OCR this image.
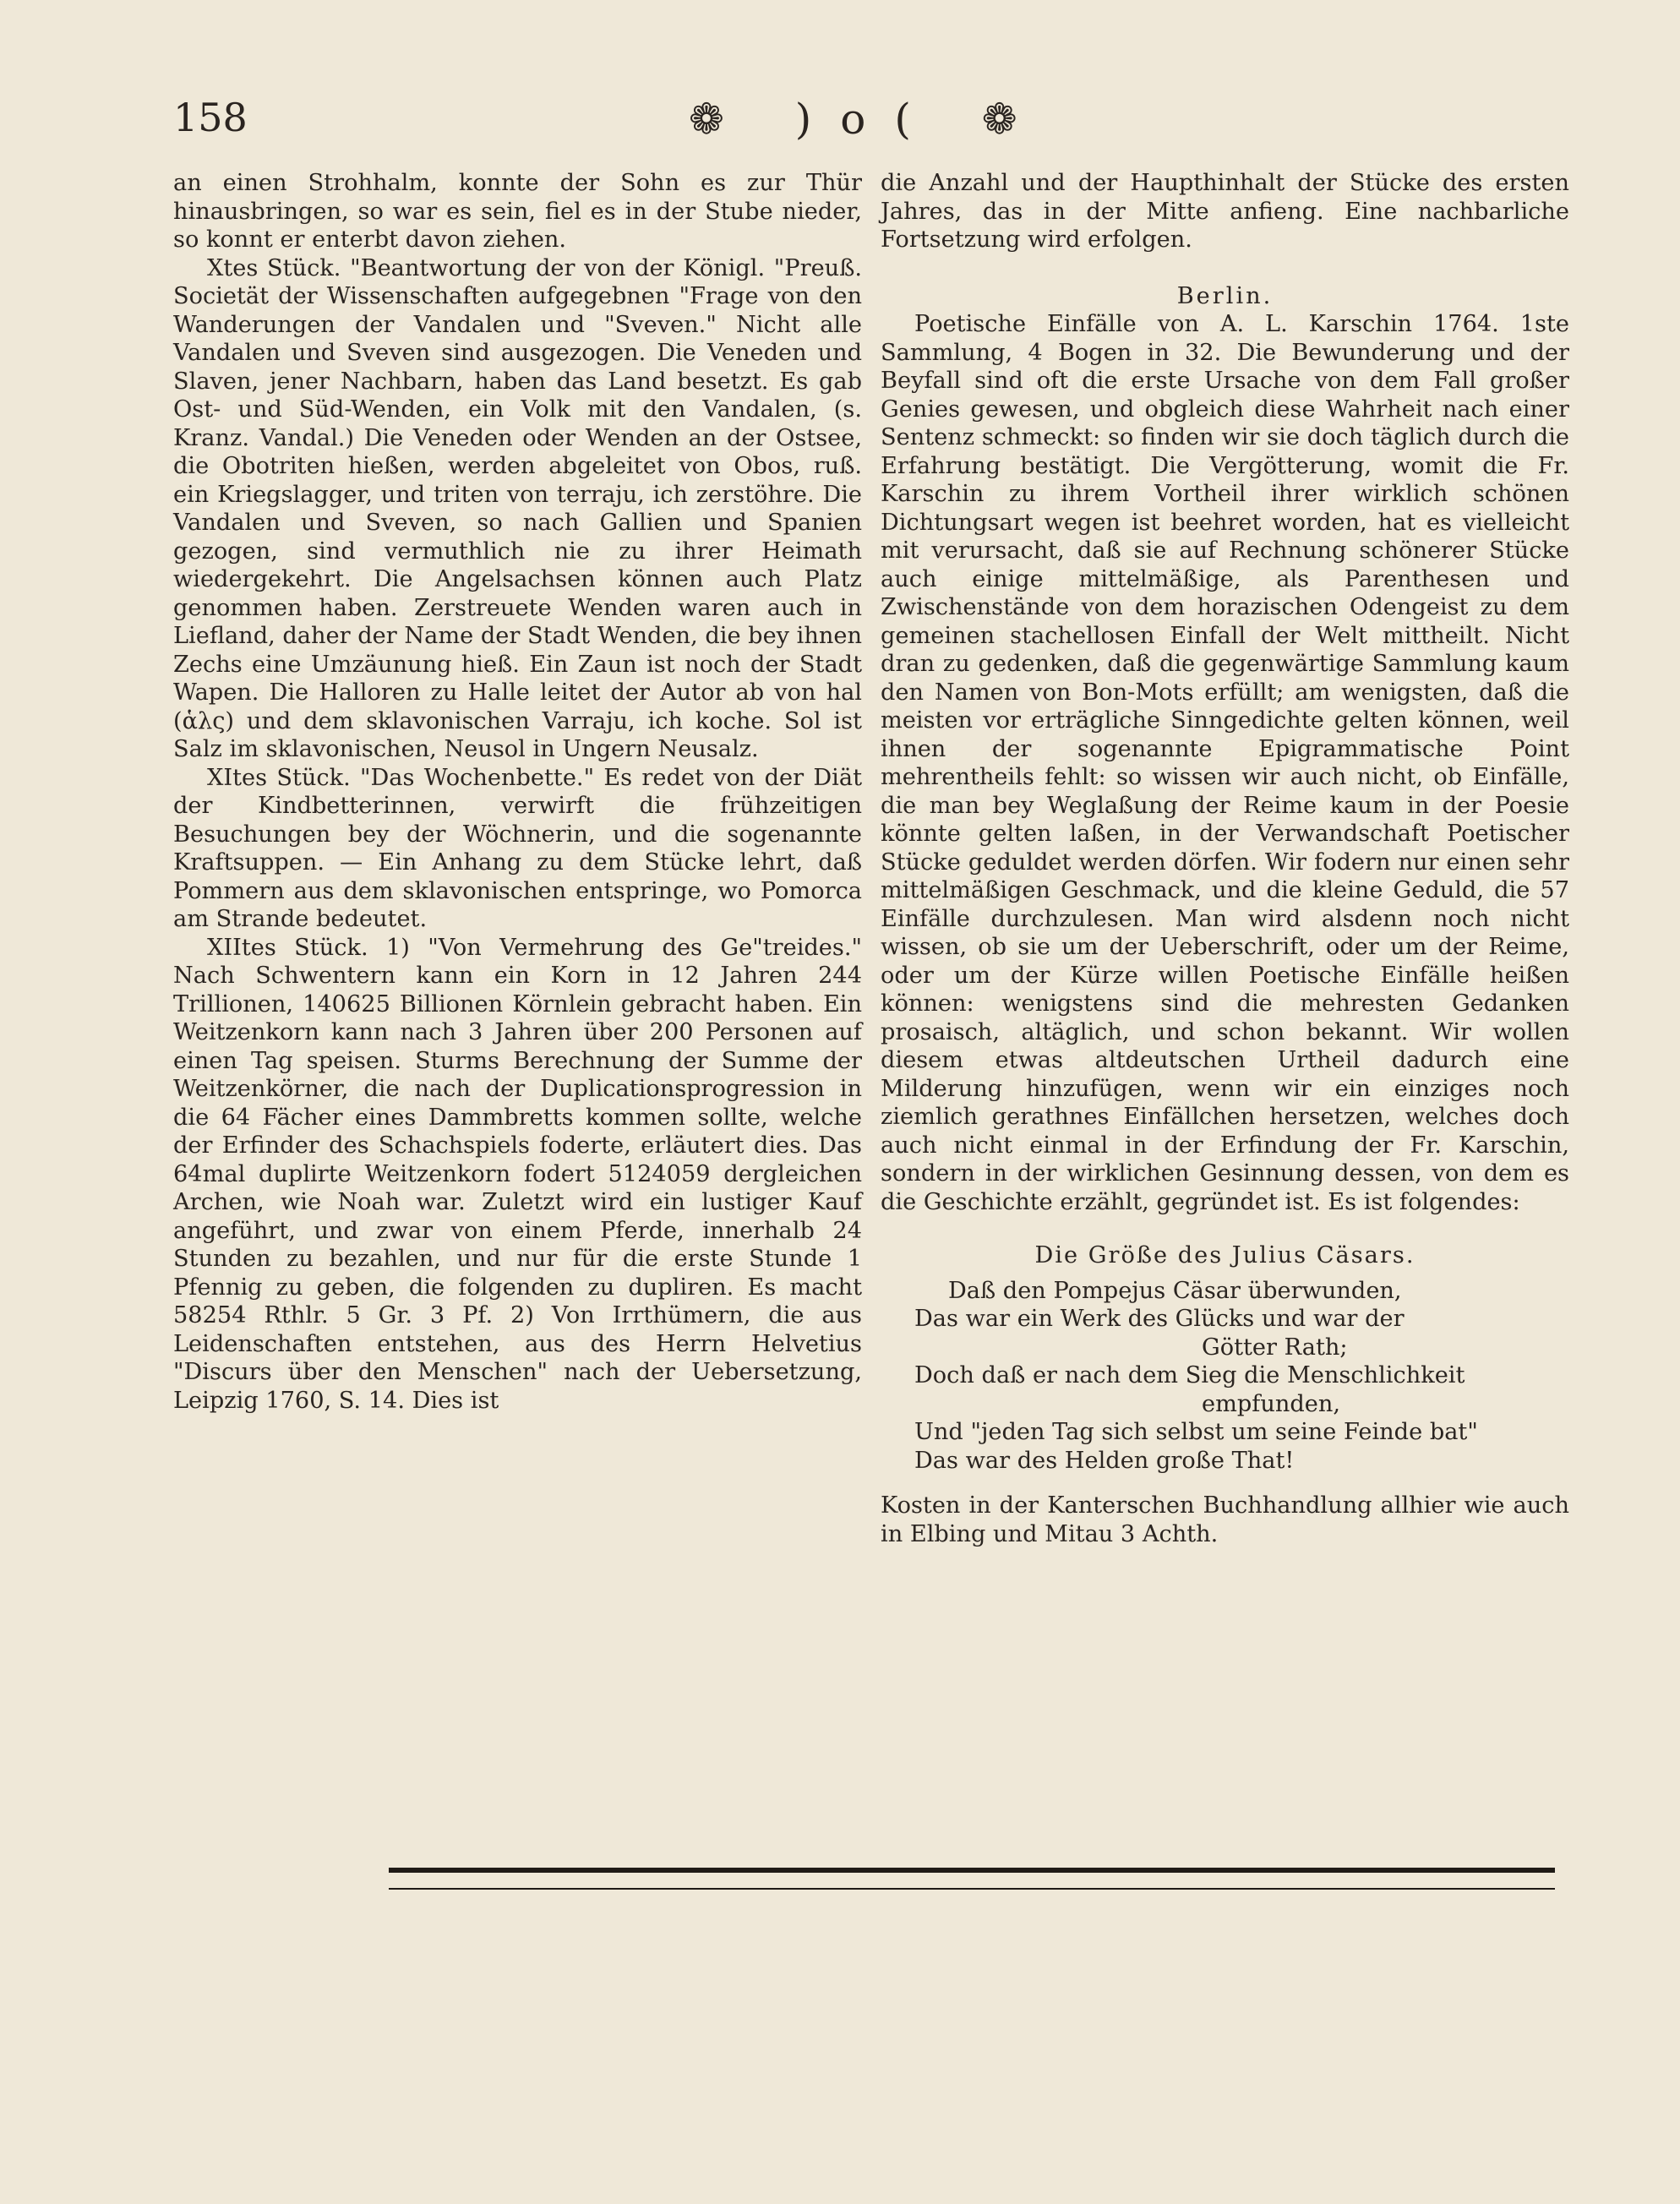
158	❁ )o( ❁

an einen Strohhalm, konnte der Sohn es zur Thür hinausbringen, so war es sein, fiel es in der Stube nieder, so konnt er enterbt davon ziehen.

Xtes Stück. "Beantwortung der von der Königl. "Preuß. Societät der Wissenschaften aufgegebnen "Frage von den Wanderungen der Vandalen und "Sveven." Nicht alle Vandalen und Sveven sind ausgezogen. Die Veneden und Slaven, jener Nachbarn, haben das Land besetzt. Es gab Ost- und Süd-Wenden, ein Volk mit den Vandalen, (s. Kranz. Vandal.) Die Veneden oder Wenden an der Ostsee, die Obotriten hießen, werden abgeleitet von Obos, ruß. ein Kriegslagger, und triten von terraju, ich zerstöhre. Die Vandalen und Sveven, so nach Gallien und Spanien gezogen, sind vermuthlich nie zu ihrer Heimath wiedergekehrt. Die Angelsachsen können auch Platz genommen haben. Zerstreuete Wenden waren auch in Liefland, daher der Name der Stadt Wenden, die bey ihnen Zechs eine Umzäunung hieß. Ein Zaun ist noch der Stadt Wapen. Die Halloren zu Halle leitet der Autor ab von hal (ἁλς) und dem sklavonischen Varraju, ich koche. Sol ist Salz im sklavonischen, Neusol in Ungern Neusalz.

XItes Stück. "Das Wochenbette." Es redet von der Diät der Kindbetterinnen, verwirft die frühzeitigen Besuchungen bey der Wöchnerin, und die sogenannte Kraftsuppen. — Ein Anhang zu dem Stücke lehrt, daß Pommern aus dem sklavonischen entspringe, wo Pomorca am Strande bedeutet.

XIItes Stück. 1) "Von Vermehrung des Ge"treides." Nach Schwentern kann ein Korn in 12 Jahren 244 Trillionen, 140625 Billionen Körnlein gebracht haben. Ein Weitzenkorn kann nach 3 Jahren über 200 Personen auf einen Tag speisen. Sturms Berechnung der Summe der Weitzenkörner, die nach der Duplicationsprogression in die 64 Fächer eines Dammbretts kommen sollte, welche der Erfinder des Schachspiels foderte, erläutert dies. Das 64mal duplirte Weitzenkorn fodert 5124059 dergleichen Archen, wie Noah war. Zuletzt wird ein lustiger Kauf angeführt, und zwar von einem Pferde, innerhalb 24 Stunden zu bezahlen, und nur für die erste Stunde 1 Pfennig zu geben, die folgenden zu dupliren. Es macht 58254 Rthlr. 5 Gr. 3 Pf. 2) Von Irrthümern, die aus Leidenschaften entstehen, aus des Herrn Helvetius "Discurs über den Menschen" nach der Uebersetzung, Leipzig 1760, S. 14. Dies ist

die Anzahl und der Haupthinhalt der Stücke des ersten Jahres, das in der Mitte anfieng. Eine nachbarliche Fortsetzung wird erfolgen.

Berlin.

Poetische Einfälle von A. L. Karschin 1764. 1ste Sammlung, 4 Bogen in 32. Die Bewunderung und der Beyfall sind oft die erste Ursache von dem Fall großer Genies gewesen, und obgleich diese Wahrheit nach einer Sentenz schmeckt: so finden wir sie doch täglich durch die Erfahrung bestätigt. Die Vergötterung, womit die Fr. Karschin zu ihrem Vortheil ihrer wirklich schönen Dichtungsart wegen ist beehret worden, hat es vielleicht mit verursacht, daß sie auf Rechnung schönerer Stücke auch einige mittelmäßige, als Parenthesen und Zwischenstände von dem horazischen Odengeist zu dem gemeinen stachellosen Einfall der Welt mittheilt. Nicht dran zu gedenken, daß die gegenwärtige Sammlung kaum den Namen von Bon-Mots erfüllt; am wenigsten, daß die meisten vor erträgliche Sinngedichte gelten können, weil ihnen der sogenannte Epigrammatische Point mehrentheils fehlt: so wissen wir auch nicht, ob Einfälle, die man bey Weglaßung der Reime kaum in der Poesie könnte gelten laßen, in der Verwandschaft Poetischer Stücke geduldet werden dörfen. Wir fodern nur einen sehr mittelmäßigen Geschmack, und die kleine Geduld, die 57 Einfälle durchzulesen. Man wird alsdenn noch nicht wissen, ob sie um der Ueberschrift, oder um der Reime, oder um der Kürze willen Poetische Einfälle heißen können: wenigstens sind die mehresten Gedanken prosaisch, altäglich, und schon bekannt. Wir wollen diesem etwas altdeutschen Urtheil dadurch eine Milderung hinzufügen, wenn wir ein einziges noch ziemlich gerathnes Einfällchen hersetzen, welches doch auch nicht einmal in der Erfindung der Fr. Karschin, sondern in der wirklichen Gesinnung dessen, von dem es die Geschichte erzählt, gegründet ist. Es ist folgendes:

Die Größe des Julius Cäsars.

Daß den Pompejus Cäsar überwunden,
Das war ein Werk des Glücks und war der
Götter Rath;
Doch daß er nach dem Sieg die Menschlichkeit
empfunden,
Und "jeden Tag sich selbst um seine Feinde bat"
Das war des Helden große That!

Kosten in der Kanterschen Buchhandlung allhier wie auch in Elbing und Mitau 3 Achth.
